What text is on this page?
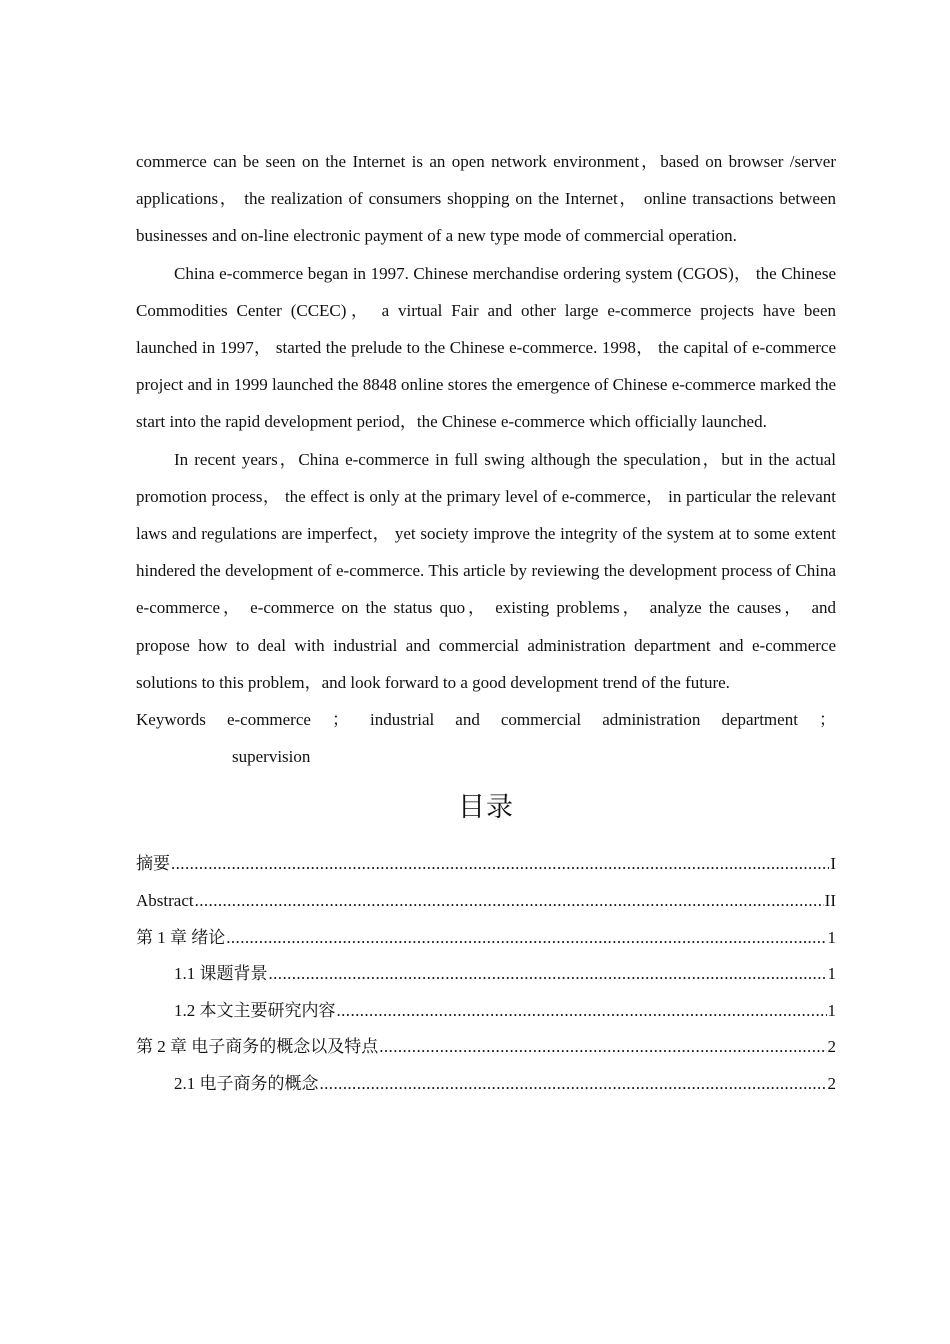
commerce can be seen on the Internet is an open network environment，based on browser /server applications， the realization of consumers shopping on the Internet， online transactions between businesses and on-line electronic payment of a new type mode of commercial operation.

China e-commerce began in 1997. Chinese merchandise ordering system (CGOS)， the Chinese Commodities Center (CCEC)， a virtual Fair and other large e-commerce projects have been launched in 1997， started the prelude to the Chinese e-commerce. 1998， the capital of e-commerce project and in 1999 launched the 8848 online stores the emergence of Chinese e-commerce marked the start into the rapid development period，the Chinese e-commerce which officially launched.

In recent years，China e-commerce in full swing although the speculation，but in the actual promotion process， the effect is only at the primary level of e-commerce， in particular the relevant laws and regulations are imperfect， yet society improve the integrity of the system at to some extent hindered the development of e-commerce. This article by reviewing the development process of China e-commerce， e-commerce on the status quo， existing problems， analyze the causes， and propose how to deal with industrial and commercial administration department and e-commerce solutions to this problem，and look forward to a good development trend of the future.

Keywords e-commerce ； industrial and commercial administration department ；
supervision
目录
摘要 .....	I
Abstract .....	II
第 1 章 绪论 .....	1
1.1 课题背景 .....	1
1.2 本文主要研究内容 .....	1
第 2 章 电子商务的概念以及特点 .....	2
2.1 电子商务的概念 .....	2
